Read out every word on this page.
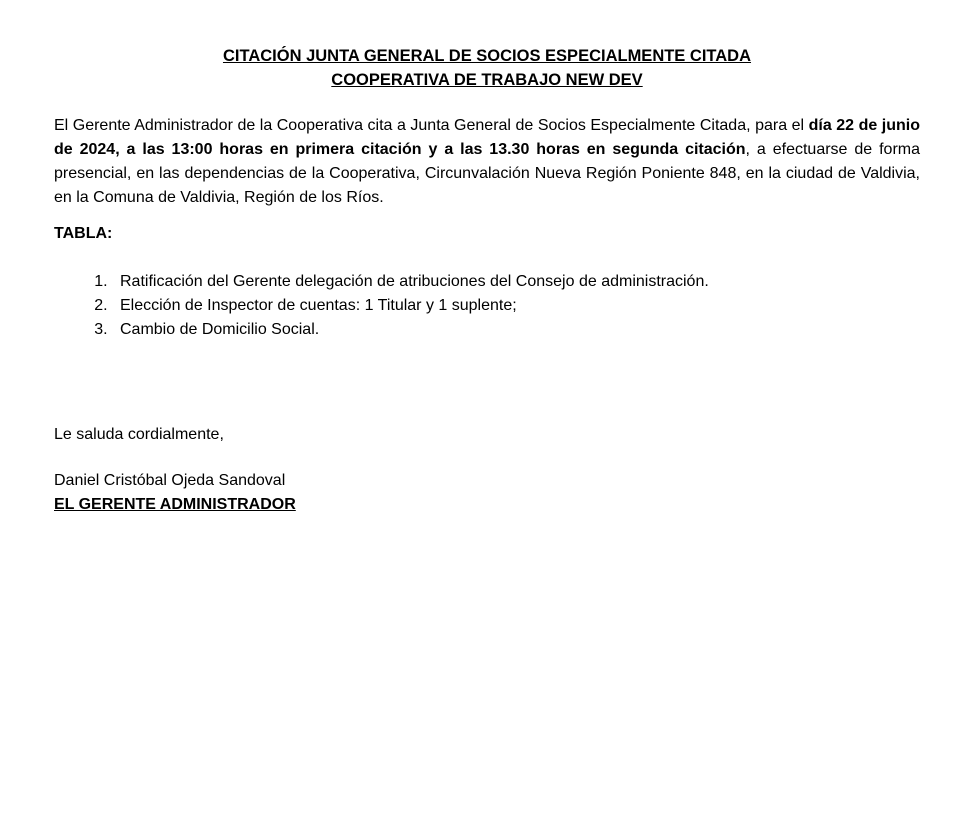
CITACIÓN JUNTA GENERAL DE SOCIOS ESPECIALMENTE CITADA
COOPERATIVA DE TRABAJO NEW DEV

El Gerente Administrador de la Cooperativa cita a Junta General de Socios Especialmente Citada, para el día 22 de junio de 2024, a las 13:00 horas en primera citación y a las 13.30 horas en segunda citación, a efectuarse de forma presencial, en las dependencias de la Cooperativa, Circunvalación Nueva Región Poniente 848, en la ciudad de Valdivia, en la Comuna de Valdivia, Región de los Ríos.

TABLA:

1. Ratificación del Gerente delegación de atribuciones del Consejo de administración.
2. Elección de Inspector de cuentas: 1 Titular y 1 suplente;
3. Cambio de Domicilio Social.

Le saluda cordialmente,

Daniel Cristóbal Ojeda Sandoval

EL GERENTE ADMINISTRADOR
